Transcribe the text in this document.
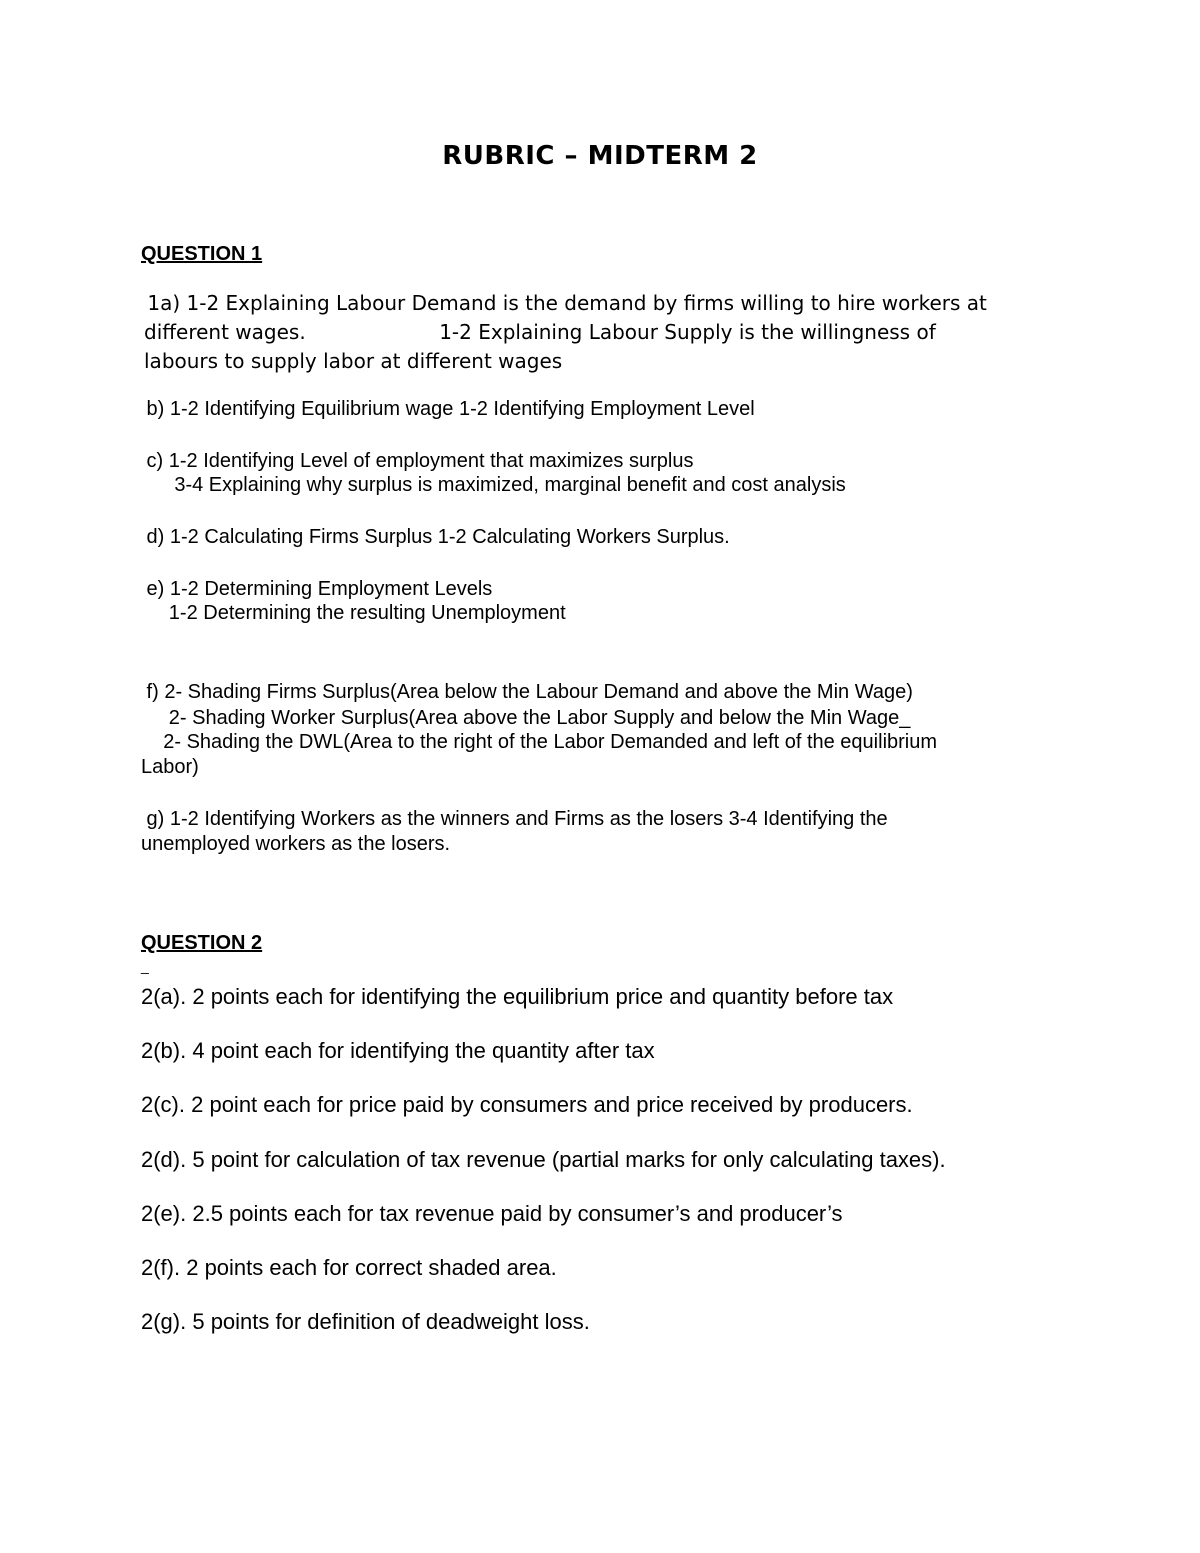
RUBRIC – MIDTERM 2
QUESTION 1
1a) 1-2 Explaining Labour Demand is the demand by firms willing to hire workers at
different wages.                     1-2 Explaining Labour Supply is the willingness of
labours to supply labor at different wages
b) 1-2 Identifying Equilibrium wage 1-2 Identifying Employment Level
c) 1-2 Identifying Level of employment that maximizes surplus
3-4 Explaining why surplus is maximized, marginal benefit and cost analysis
d) 1-2 Calculating Firms Surplus 1-2 Calculating Workers Surplus.
e) 1-2 Determining Employment Levels
1-2 Determining the resulting Unemployment
f) 2- Shading Firms Surplus(Area below the Labour Demand and above the Min Wage)
2- Shading Worker Surplus(Area above the Labor Supply and below the Min Wage_
2- Shading the DWL(Area to the right of the Labor Demanded and left of the equilibrium
Labor)
g) 1-2 Identifying Workers as the winners and Firms as the losers 3-4 Identifying the
unemployed workers as the losers.
QUESTION 2
_
2(a). 2 points each for identifying the equilibrium price and quantity before tax
2(b). 4 point each for identifying the quantity after tax
2(c). 2 point each for price paid by consumers and price received by producers.
2(d). 5 point for calculation of tax revenue (partial marks for only calculating taxes).
2(e). 2.5 points each for tax revenue paid by consumer’s and producer’s
2(f). 2 points each for correct shaded area.
2(g). 5 points for definition of deadweight loss.
